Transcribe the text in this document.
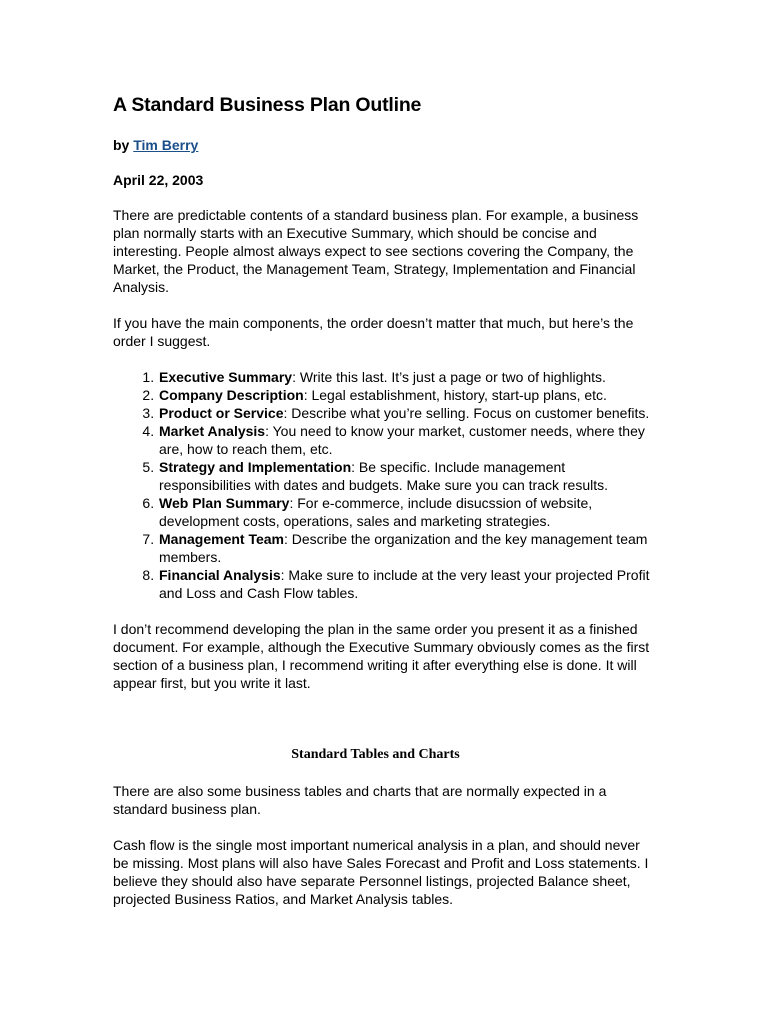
A Standard Business Plan Outline
by Tim Berry
April 22, 2003

There are predictable contents of a standard business plan. For example, a business plan normally starts with an Executive Summary, which should be concise and interesting. People almost always expect to see sections covering the Company, the Market, the Product, the Management Team, Strategy, Implementation and Financial Analysis.

If you have the main components, the order doesn’t matter that much, but here’s the order I suggest.

1. Executive Summary: Write this last. It’s just a page or two of highlights.
2. Company Description: Legal establishment, history, start-up plans, etc.
3. Product or Service: Describe what you’re selling. Focus on customer benefits.
4. Market Analysis: You need to know your market, customer needs, where they are, how to reach them, etc.
5. Strategy and Implementation: Be specific. Include management responsibilities with dates and budgets. Make sure you can track results.
6. Web Plan Summary: For e-commerce, include disucssion of website, development costs, operations, sales and marketing strategies.
7. Management Team: Describe the organization and the key management team members.
8. Financial Analysis: Make sure to include at the very least your projected Profit and Loss and Cash Flow tables.

I don’t recommend developing the plan in the same order you present it as a finished document. For example, although the Executive Summary obviously comes as the first section of a business plan, I recommend writing it after everything else is done. It will appear first, but you write it last.

Standard Tables and Charts

There are also some business tables and charts that are normally expected in a standard business plan.

Cash flow is the single most important numerical analysis in a plan, and should never be missing. Most plans will also have Sales Forecast and Profit and Loss statements. I believe they should also have separate Personnel listings, projected Balance sheet, projected Business Ratios, and Market Analysis tables.
